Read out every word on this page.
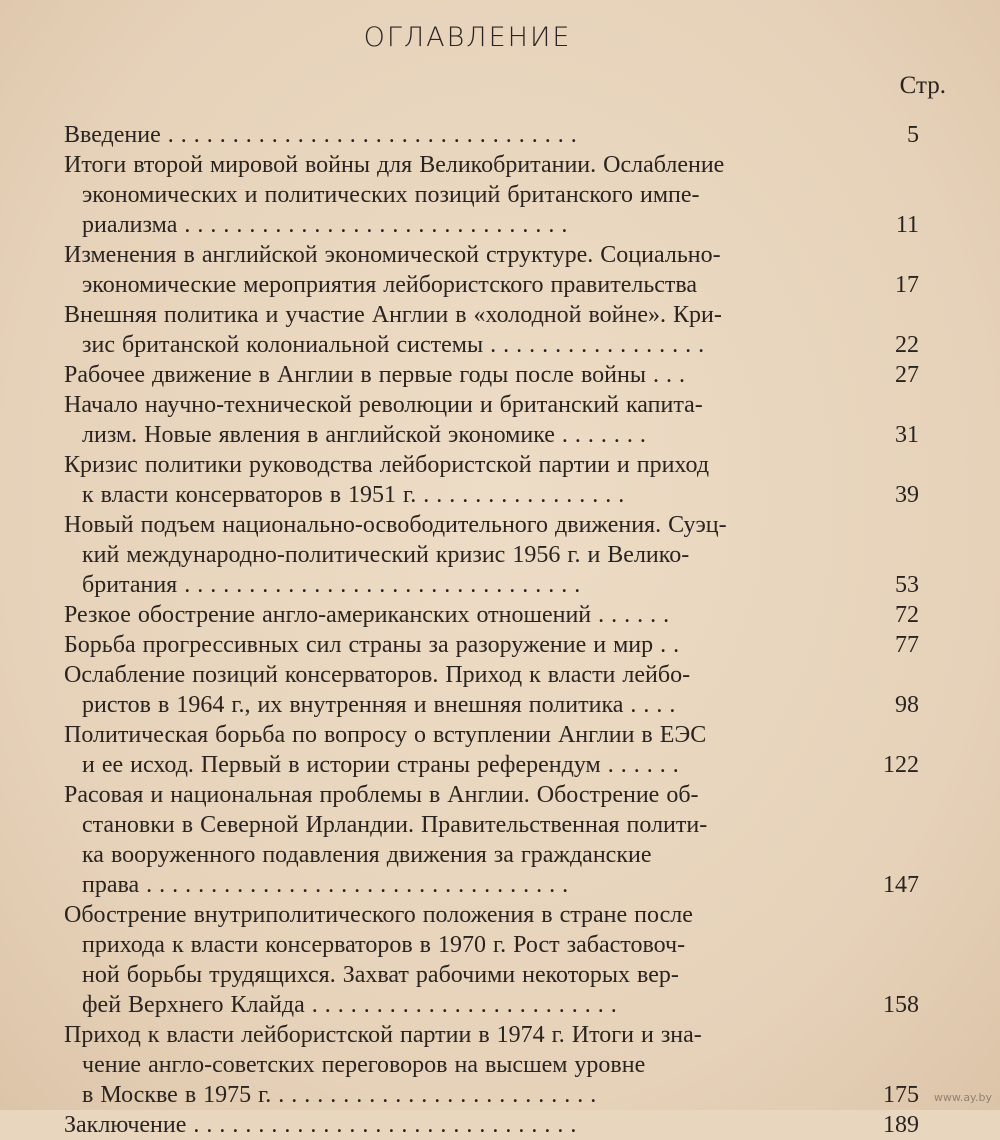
ОГЛАВЛЕНИЕ
Стр.
Введение . . . . . . . . . . . . . . . . . . . . . . . . . . . . . . . .	5
Итоги второй мировой войны для Великобритании. Ослабление
экономических и политических позиций британского импе-
риализма . . . . . . . . . . . . . . . . . . . . . . . . . . . . . .	11
Изменения в английской экономической структуре. Социально-
экономические мероприятия лейбористского правительства	17
Внешняя политика и участие Англии в «холодной войне». Кри-
зис британской колониальной системы . . . . . . . . . . . . . . . . .	22
Рабочее движение в Англии в первые годы после войны . . .	27
Начало научно-технической революции и британский капита-
лизм. Новые явления в английской экономике . . . . . . .	31
Кризис политики руководства лейбористской партии и приход
к власти консерваторов в 1951 г. . . . . . . . . . . . . . . . .	39
Новый подъем национально-освободительного движения. Суэц-
кий международно-политический кризис 1956 г. и Велико-
британия . . . . . . . . . . . . . . . . . . . . . . . . . . . . . . .	53
Резкое обострение англо-американских отношений . . . . . .	72
Борьба прогрессивных сил страны за разоружение и мир . .	77
Ослабление позиций консерваторов. Приход к власти лейбо-
ристов в 1964 г., их внутренняя и внешняя политика . . . .	98
Политическая борьба по вопросу о вступлении Англии в ЕЭС
и ее исход. Первый в истории страны референдум . . . . . .	122
Расовая и национальная проблемы в Англии. Обострение об-
становки в Северной Ирландии. Правительственная полити-
ка вооруженного подавления движения за гражданские
права . . . . . . . . . . . . . . . . . . . . . . . . . . . . . . . . .	147
Обострение внутриполитического положения в стране после
прихода к власти консерваторов в 1970 г. Рост забастовоч-
ной борьбы трудящихся. Захват рабочими некоторых вер-
фей Верхнего Клайда . . . . . . . . . . . . . . . . . . . . . . . .	158
Приход к власти лейбористской партии в 1974 г. Итоги и зна-
чение англо-советских переговоров на высшем уровне
в Москве в 1975 г. . . . . . . . . . . . . . . . . . . . . . . . . .	175
Заключение . . . . . . . . . . . . . . . . . . . . . . . . . . . . . .	189
www.ay.by
